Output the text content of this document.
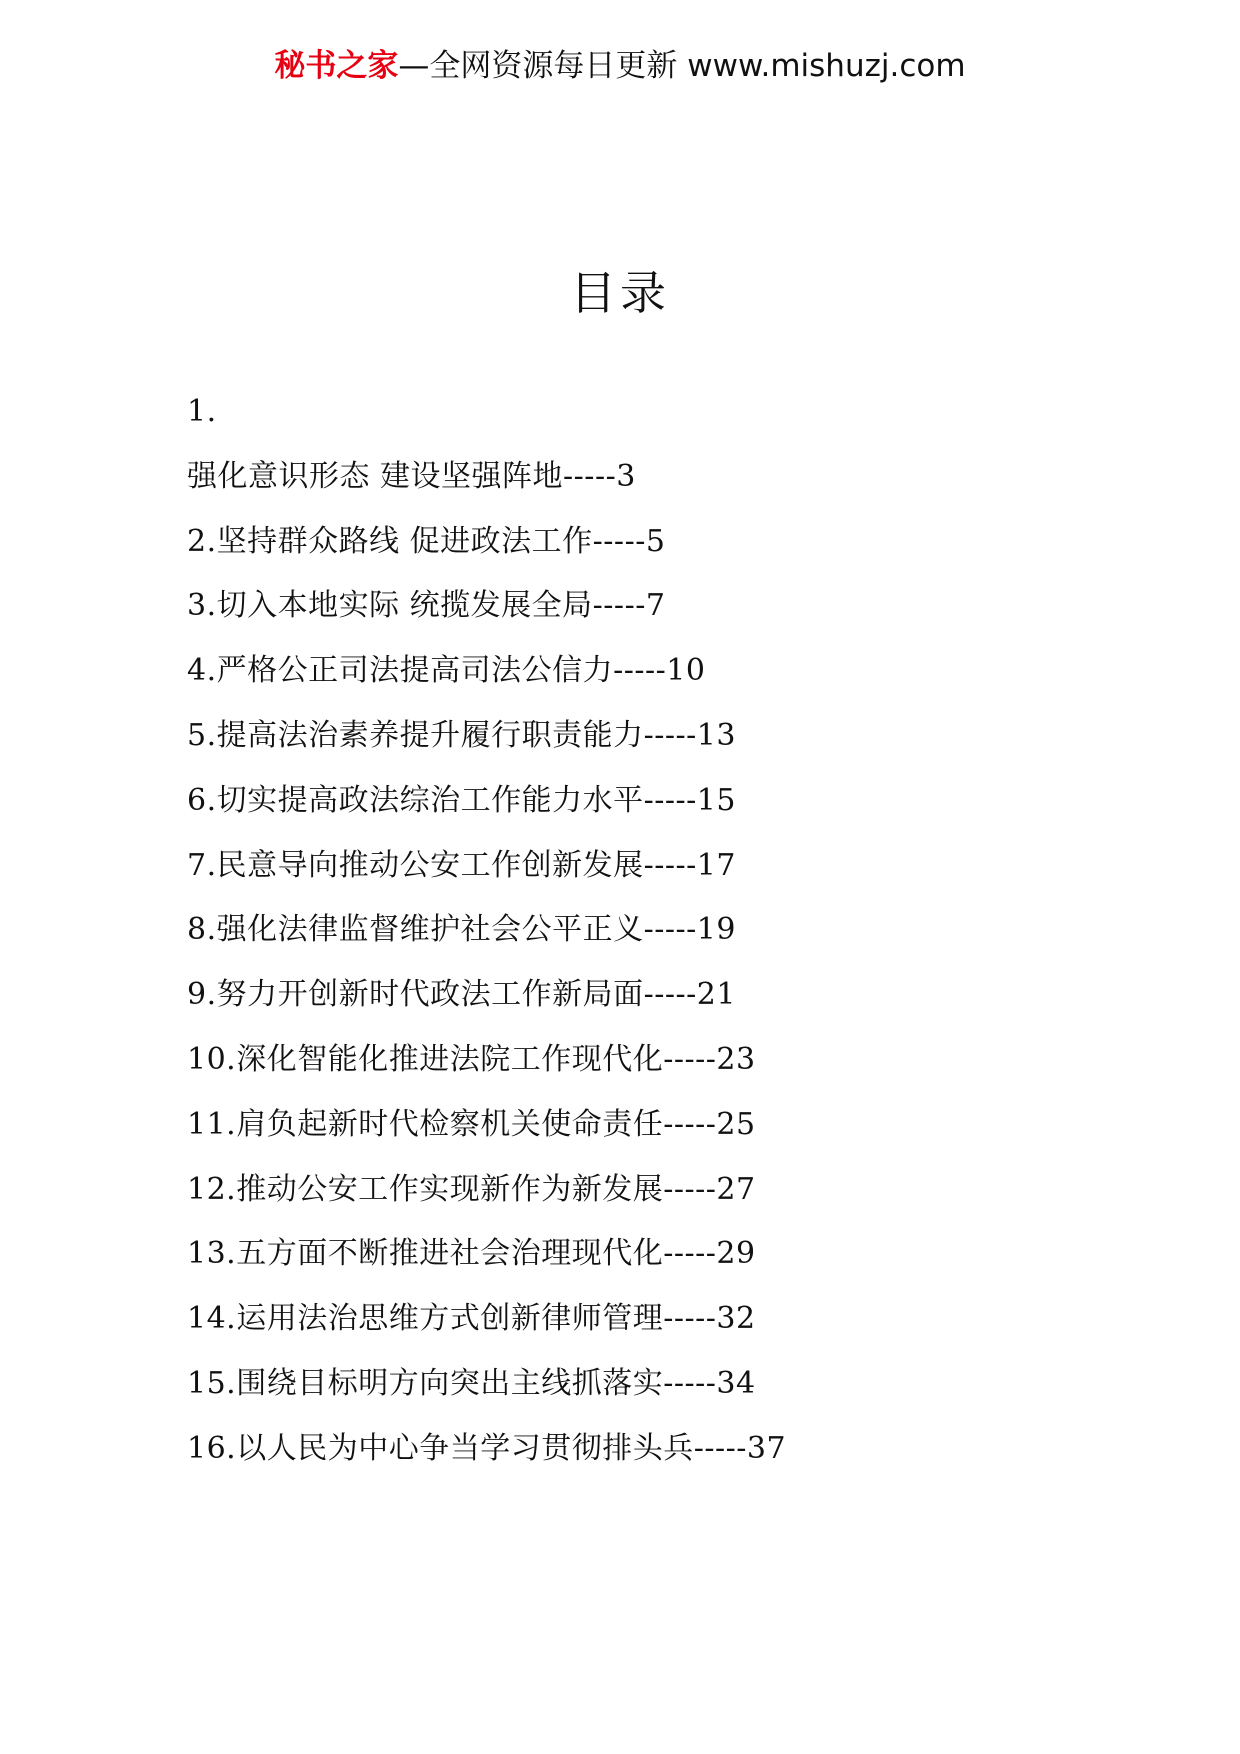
秘书之家—全网资源每日更新 www.mishuzj.com
目录
1.
强化意识形态 建设坚强阵地-----3
2.坚持群众路线 促进政法工作-----5
3.切入本地实际 统揽发展全局-----7
4.严格公正司法提高司法公信力-----10
5.提高法治素养提升履行职责能力-----13
6.切实提高政法综治工作能力水平-----15
7.民意导向推动公安工作创新发展-----17
8.强化法律监督维护社会公平正义-----19
9.努力开创新时代政法工作新局面-----21
10.深化智能化推进法院工作现代化-----23
11.肩负起新时代检察机关使命责任-----25
12.推动公安工作实现新作为新发展-----27
13.五方面不断推进社会治理现代化-----29
14.运用法治思维方式创新律师管理-----32
15.围绕目标明方向突出主线抓落实-----34
16.以人民为中心争当学习贯彻排头兵-----37
